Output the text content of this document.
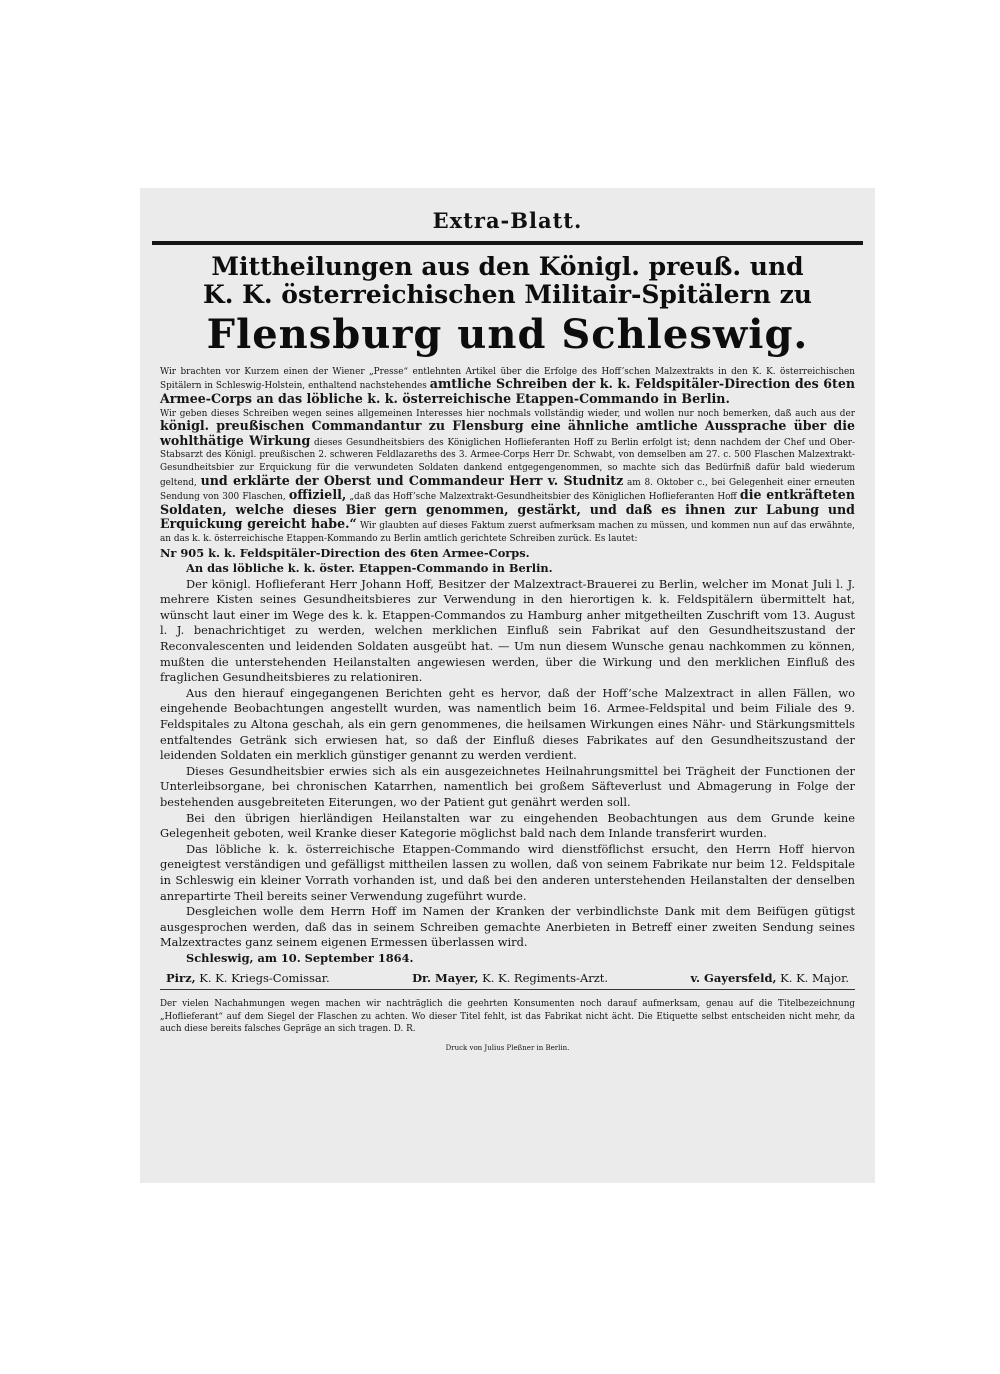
Extra-Blatt.
Mittheilungen aus den Königl. preuß. und
K. K. österreichischen Militair-Spitälern zu
Flensburg und Schleswig.

Wir brachten vor Kurzem einen der Wiener „Presse“ entlehnten Artikel über die Erfolge des Hoff’schen Malzextrakts in den K. K. österreichischen Spitälern in Schleswig-Holstein, enthaltend nachstehendes amtliche Schreiben der k. k. Feldspitäler-Direction des 6ten Armee-Corps an das löbliche k. k. österreichische Etappen-Commando in Berlin.

Wir geben dieses Schreiben wegen seines allgemeinen Interesses hier nochmals vollständig wieder, und wollen nur noch bemerken, daß auch aus der königl. preußischen Commandantur zu Flensburg eine ähnliche amtliche Aussprache über die wohlthätige Wirkung dieses Gesundheitsbiers des Königlichen Hoflieferanten Hoff zu Berlin erfolgt ist; denn nachdem der Chef und Ober-Stabsarzt des Königl. preußischen 2. schweren Feldlazareths des 3. Armee-Corps Herr Dr. Schwabt, von demselben am 27. c. 500 Flaschen Malzextrakt-Gesundheitsbier zur Erquickung für die verwundeten Soldaten dankend entgegengenommen, so machte sich das Bedürfniß dafür bald wiederum geltend, und erklärte der Oberst und Commandeur Herr v. Studnitz am 8. Oktober c., bei Gelegenheit einer erneuten Sendung von 300 Flaschen, offiziell, „daß das Hoff’sche Malzextrakt-Gesundheitsbier des Königlichen Hoflieferanten Hoff die entkräfteten Soldaten, welche dieses Bier gern genommen, gestärkt, und daß es ihnen zur Labung und Erquickung gereicht habe.“ Wir glaubten auf dieses Faktum zuerst aufmerksam machen zu müssen, und kommen nun auf das erwähnte, an das k. k. österreichische Etappen-Kommando zu Berlin amtlich gerichtete Schreiben zurück. Es lautet:

Nr 905 k. k. Feldspitäler-Direction des 6ten Armee-Corps.

An das löbliche k. k. öster. Etappen-Commando in Berlin.

Der königl. Hoflieferant Herr Johann Hoff, Besitzer der Malzextract-Brauerei zu Berlin, welcher im Monat Juli l. J. mehrere Kisten seines Gesundheitsbieres zur Verwendung in den hierortigen k. k. Feldspitälern übermittelt hat, wünscht laut einer im Wege des k. k. Etappen-Commandos zu Hamburg anher mitgetheilten Zuschrift vom 13. August l. J. benachrichtiget zu werden, welchen merklichen Einfluß sein Fabrikat auf den Gesundheitszustand der Reconvalescenten und leidenden Soldaten ausgeübt hat. — Um nun diesem Wunsche genau nachkommen zu können, mußten die unterstehenden Heilanstalten angewiesen werden, über die Wirkung und den merklichen Einfluß des fraglichen Gesundheitsbieres zu relationiren.

Aus den hierauf eingegangenen Berichten geht es hervor, daß der Hoff’sche Malzextract in allen Fällen, wo eingehende Beobachtungen angestellt wurden, was namentlich beim 16. Armee-Feldspital und beim Filiale des 9. Feldspitales zu Altona geschah, als ein gern genommenes, die heilsamen Wirkungen eines Nähr- und Stärkungsmittels entfaltendes Getränk sich erwiesen hat, so daß der Einfluß dieses Fabrikates auf den Gesundheitszustand der leidenden Soldaten ein merklich günstiger genannt zu werden verdient.

Dieses Gesundheitsbier erwies sich als ein ausgezeichnetes Heilnahrungsmittel bei Trägheit der Functionen der Unterleibsorgane, bei chronischen Katarrhen, namentlich bei großem Säfteverlust und Abmagerung in Folge der bestehenden ausgebreiteten Eiterungen, wo der Patient gut genährt werden soll.

Bei den übrigen hierländigen Heilanstalten war zu eingehenden Beobachtungen aus dem Grunde keine Gelegenheit geboten, weil Kranke dieser Kategorie möglichst bald nach dem Inlande transferirt wurden.

Das löbliche k. k. österreichische Etappen-Commando wird dienstföflichst ersucht, den Herrn Hoff hiervon geneigtest verständigen und gefälligst mittheilen lassen zu wollen, daß von seinem Fabrikate nur beim 12. Feldspitale in Schleswig ein kleiner Vorrath vorhanden ist, und daß bei den anderen unterstehenden Heilanstalten der denselben anrepartirte Theil bereits seiner Verwendung zugeführt wurde.

Desgleichen wolle dem Herrn Hoff im Namen der Kranken der verbindlichste Dank mit dem Beifügen gütigst ausgesprochen werden, daß das in seinem Schreiben gemachte Anerbieten in Betreff einer zweiten Sendung seines Malzextractes ganz seinem eigenen Ermessen überlassen wird.

Schleswig, am 10. September 1864.

Pirz, K. K. Kriegs-Comissar.	Dr. Mayer, K. K. Regiments-Arzt.	v. Gayersfeld, K. K. Major.

Der vielen Nachahmungen wegen machen wir nachträglich die geehrten Konsumenten noch darauf aufmerksam, genau auf die Titelbezeichnung „Hoflieferant“ auf dem Siegel der Flaschen zu achten. Wo dieser Titel fehlt, ist das Fabrikat nicht ächt. Die Etiquette selbst entscheiden nicht mehr, da auch diese bereits falsches Gepräge an sich tragen. D. R.

Druck von Julius Pleßner in Berlin.
